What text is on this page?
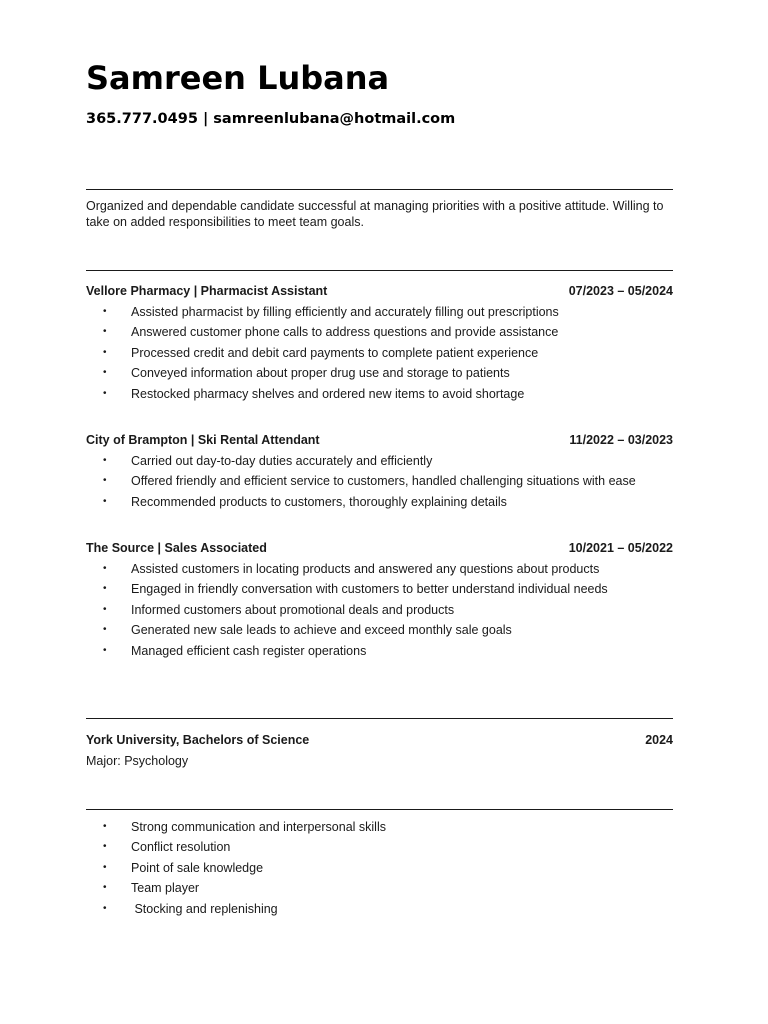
Samreen Lubana
365.777.0495 | samreenlubana@hotmail.com
Organized and dependable candidate successful at managing priorities with a positive attitude. Willing to take on added responsibilities to meet team goals.
Vellore Pharmacy | Pharmacist Assistant	07/2023 – 05/2024
• Assisted pharmacist by filling efficiently and accurately filling out prescriptions
• Answered customer phone calls to address questions and provide assistance
• Processed credit and debit card payments to complete patient experience
• Conveyed information about proper drug use and storage to patients
• Restocked pharmacy shelves and ordered new items to avoid shortage
City of Brampton | Ski Rental Attendant	11/2022 – 03/2023
• Carried out day-to-day duties accurately and efficiently
• Offered friendly and efficient service to customers, handled challenging situations with ease
• Recommended products to customers, thoroughly explaining details
The Source | Sales Associated	10/2021 – 05/2022
• Assisted customers in locating products and answered any questions about products
• Engaged in friendly conversation with customers to better understand individual needs
• Informed customers about promotional deals and products
• Generated new sale leads to achieve and exceed monthly sale goals
• Managed efficient cash register operations
York University, Bachelors of Science	2024
Major: Psychology
• Strong communication and interpersonal skills
• Conflict resolution
• Point of sale knowledge
• Team player
• Stocking and replenishing
